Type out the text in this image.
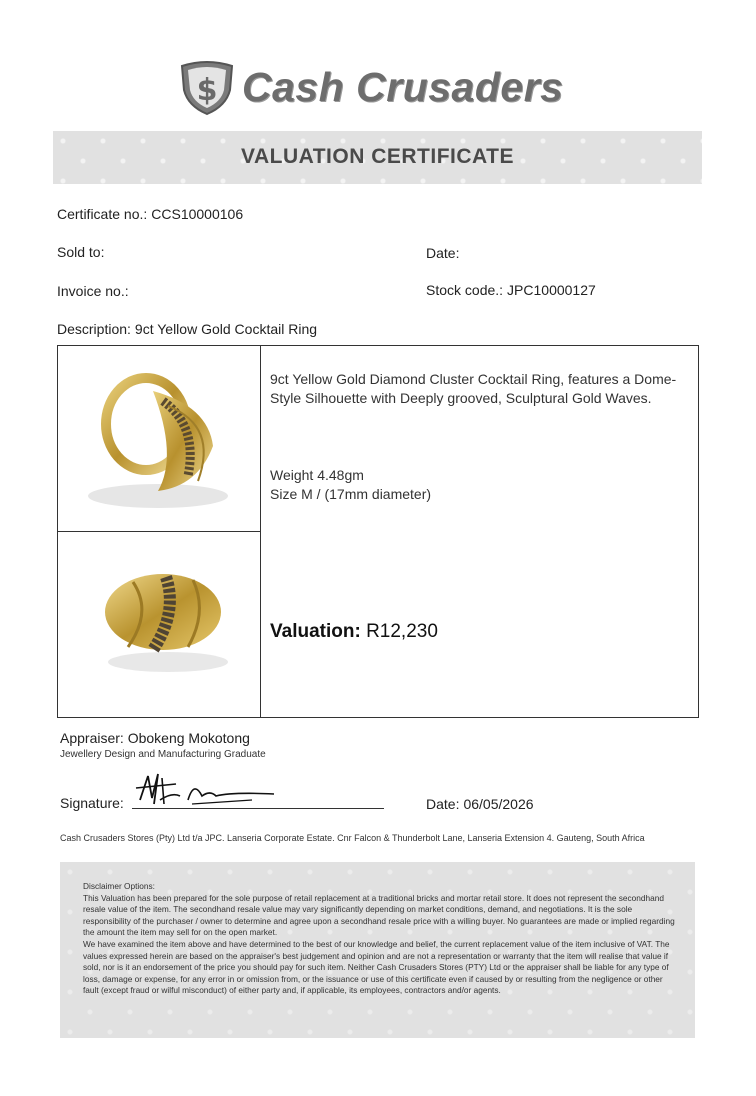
$ Cash Crusaders
VALUATION CERTIFICATE
Certificate no.: CCS10000106
Sold to:	Date:
Invoice no.:	Stock code.: JPC10000127
Description: 9ct Yellow Gold Cocktail Ring
9ct Yellow Gold Diamond Cluster Cocktail Ring, features a Dome-Style Silhouette with Deeply grooved, Sculptural Gold Waves.
Weight 4.48gm
Size M / (17mm diameter)
Valuation: R12,230
Appraiser: Obokeng Mokotong
Jewellery Design and Manufacturing Graduate
Signature:	Date: 06/05/2026
Cash Crusaders Stores (Pty) Ltd t/a JPC. Lanseria Corporate Estate. Cnr Falcon & Thunderbolt Lane, Lanseria Extension 4. Gauteng, South Africa
Disclaimer Options:
This Valuation has been prepared for the sole purpose of retail replacement at a traditional bricks and mortar retail store. It does not represent the secondhand resale value of the item. The secondhand resale value may vary significantly depending on market conditions, demand, and negotiations. It is the sole responsibility of the purchaser / owner to determine and agree upon a secondhand resale price with a willing buyer. No guarantees are made or implied regarding the amount the item may sell for on the open market.
We have examined the item above and have determined to the best of our knowledge and belief, the current replacement value of the item inclusive of VAT. The values expressed herein are based on the appraiser's best judgement and opinion and are not a representation or warranty that the item will realise that value if sold, nor is it an endorsement of the price you should pay for such item. Neither Cash Crusaders Stores (PTY) Ltd or the appraiser shall be liable for any type of loss, damage or expense, for any error in or omission from, or the issuance or use of this certificate even if caused by or resulting from the negligence or other fault (except fraud or wilful misconduct) of either party and, if applicable, its employees, contractors and/or agents.
